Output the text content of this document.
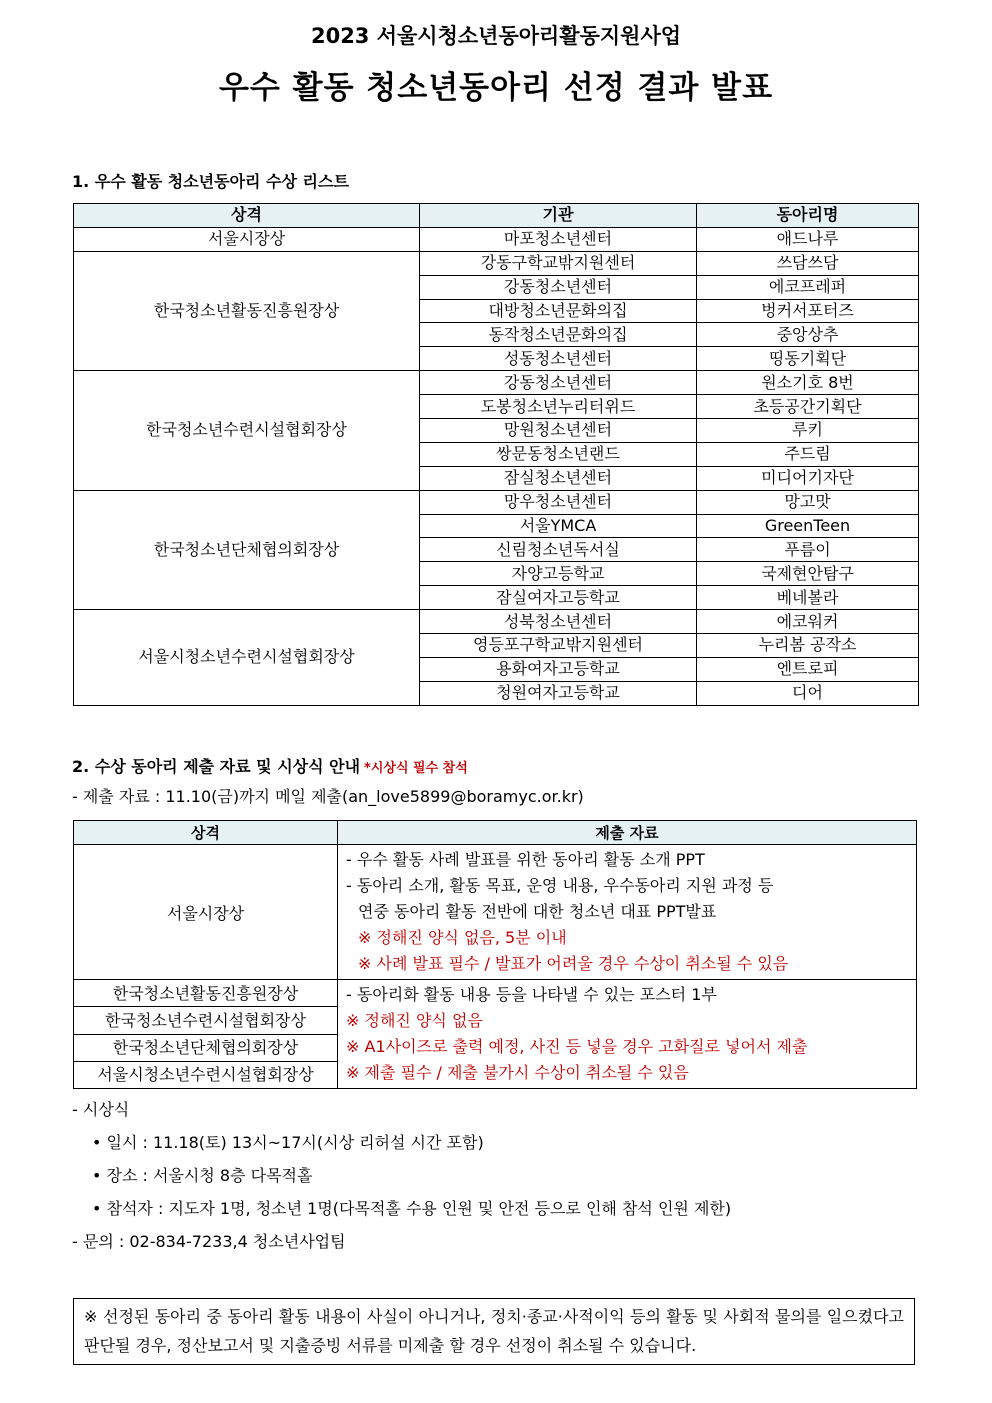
2023 서울시청소년동아리활동지원사업
우수 활동 청소년동아리 선정 결과 발표
1. 우수 활동 청소년동아리 수상 리스트
상격	기관	동아리명
서울시장상	마포청소년센터	애드나루
한국청소년활동진흥원장상	강동구학교밖지원센터	쓰담쓰담
	강동청소년센터	에코프레퍼
	대방청소년문화의집	벙커서포터즈
	동작청소년문화의집	중앙상추
	성동청소년센터	띵동기획단
한국청소년수련시설협회장상	강동청소년센터	원소기호 8번
	도봉청소년누리터위드	초등공간기획단
	망원청소년센터	루키
	쌍문동청소년랜드	주드림
	잠실청소년센터	미디어기자단
한국청소년단체협의회장상	망우청소년센터	망고맛
	서울YMCA	GreenTeen
	신림청소년독서실	푸름이
	자양고등학교	국제현안탐구
	잠실여자고등학교	베네볼라
서울시청소년수련시설협회장상	성북청소년센터	에코워커
	영등포구학교밖지원센터	누리봄 공작소
	용화여자고등학교	엔트로피
	청원여자고등학교	디어
2. 수상 동아리 제출 자료 및 시상식 안내 *시상식 필수 참석
- 제출 자료 : 11.10(금)까지 메일 제출(an_love5899@boramyc.or.kr)
상격	제출 자료
서울시장상	- 우수 활동 사례 발표를 위한 동아리 활동 소개 PPT
- 동아리 소개, 활동 목표, 운영 내용, 우수동아리 지원 과정 등
연중 동아리 활동 전반에 대한 청소년 대표 PPT발표
※ 정해진 양식 없음, 5분 이내
※ 사례 발표 필수 / 발표가 어려울 경우 수상이 취소될 수 있음

한국청소년활동진흥원장상	- 동아리화 활동 내용 등을 나타낼 수 있는 포스터 1부
※ 정해진 양식 없음
※ A1사이즈로 출력 예정, 사진 등 넣을 경우 고화질로 넣어서 제출
※ 제출 필수 / 제출 불가시 수상이 취소될 수 있음

한국청소년수련시설협회장상	
한국청소년단체협의회장상	
서울시청소년수련시설협회장상	
- 시상식
• 일시 : 11.18(토) 13시~17시(시상 리허설 시간 포함)
• 장소 : 서울시청 8층 다목적홀
• 참석자 : 지도자 1명, 청소년 1명(다목적홀 수용 인원 및 안전 등으로 인해 참석 인원 제한)
- 문의 : 02-834-7233,4 청소년사업팀
※ 선정된 동아리 중 동아리 활동 내용이 사실이 아니거나, 정치·종교·사적이익 등의 활동 및 사회적 물의를 일으켰다고 판단될 경우, 정산보고서 및 지출증빙 서류를 미제출 할 경우 선정이 취소될 수 있습니다.
